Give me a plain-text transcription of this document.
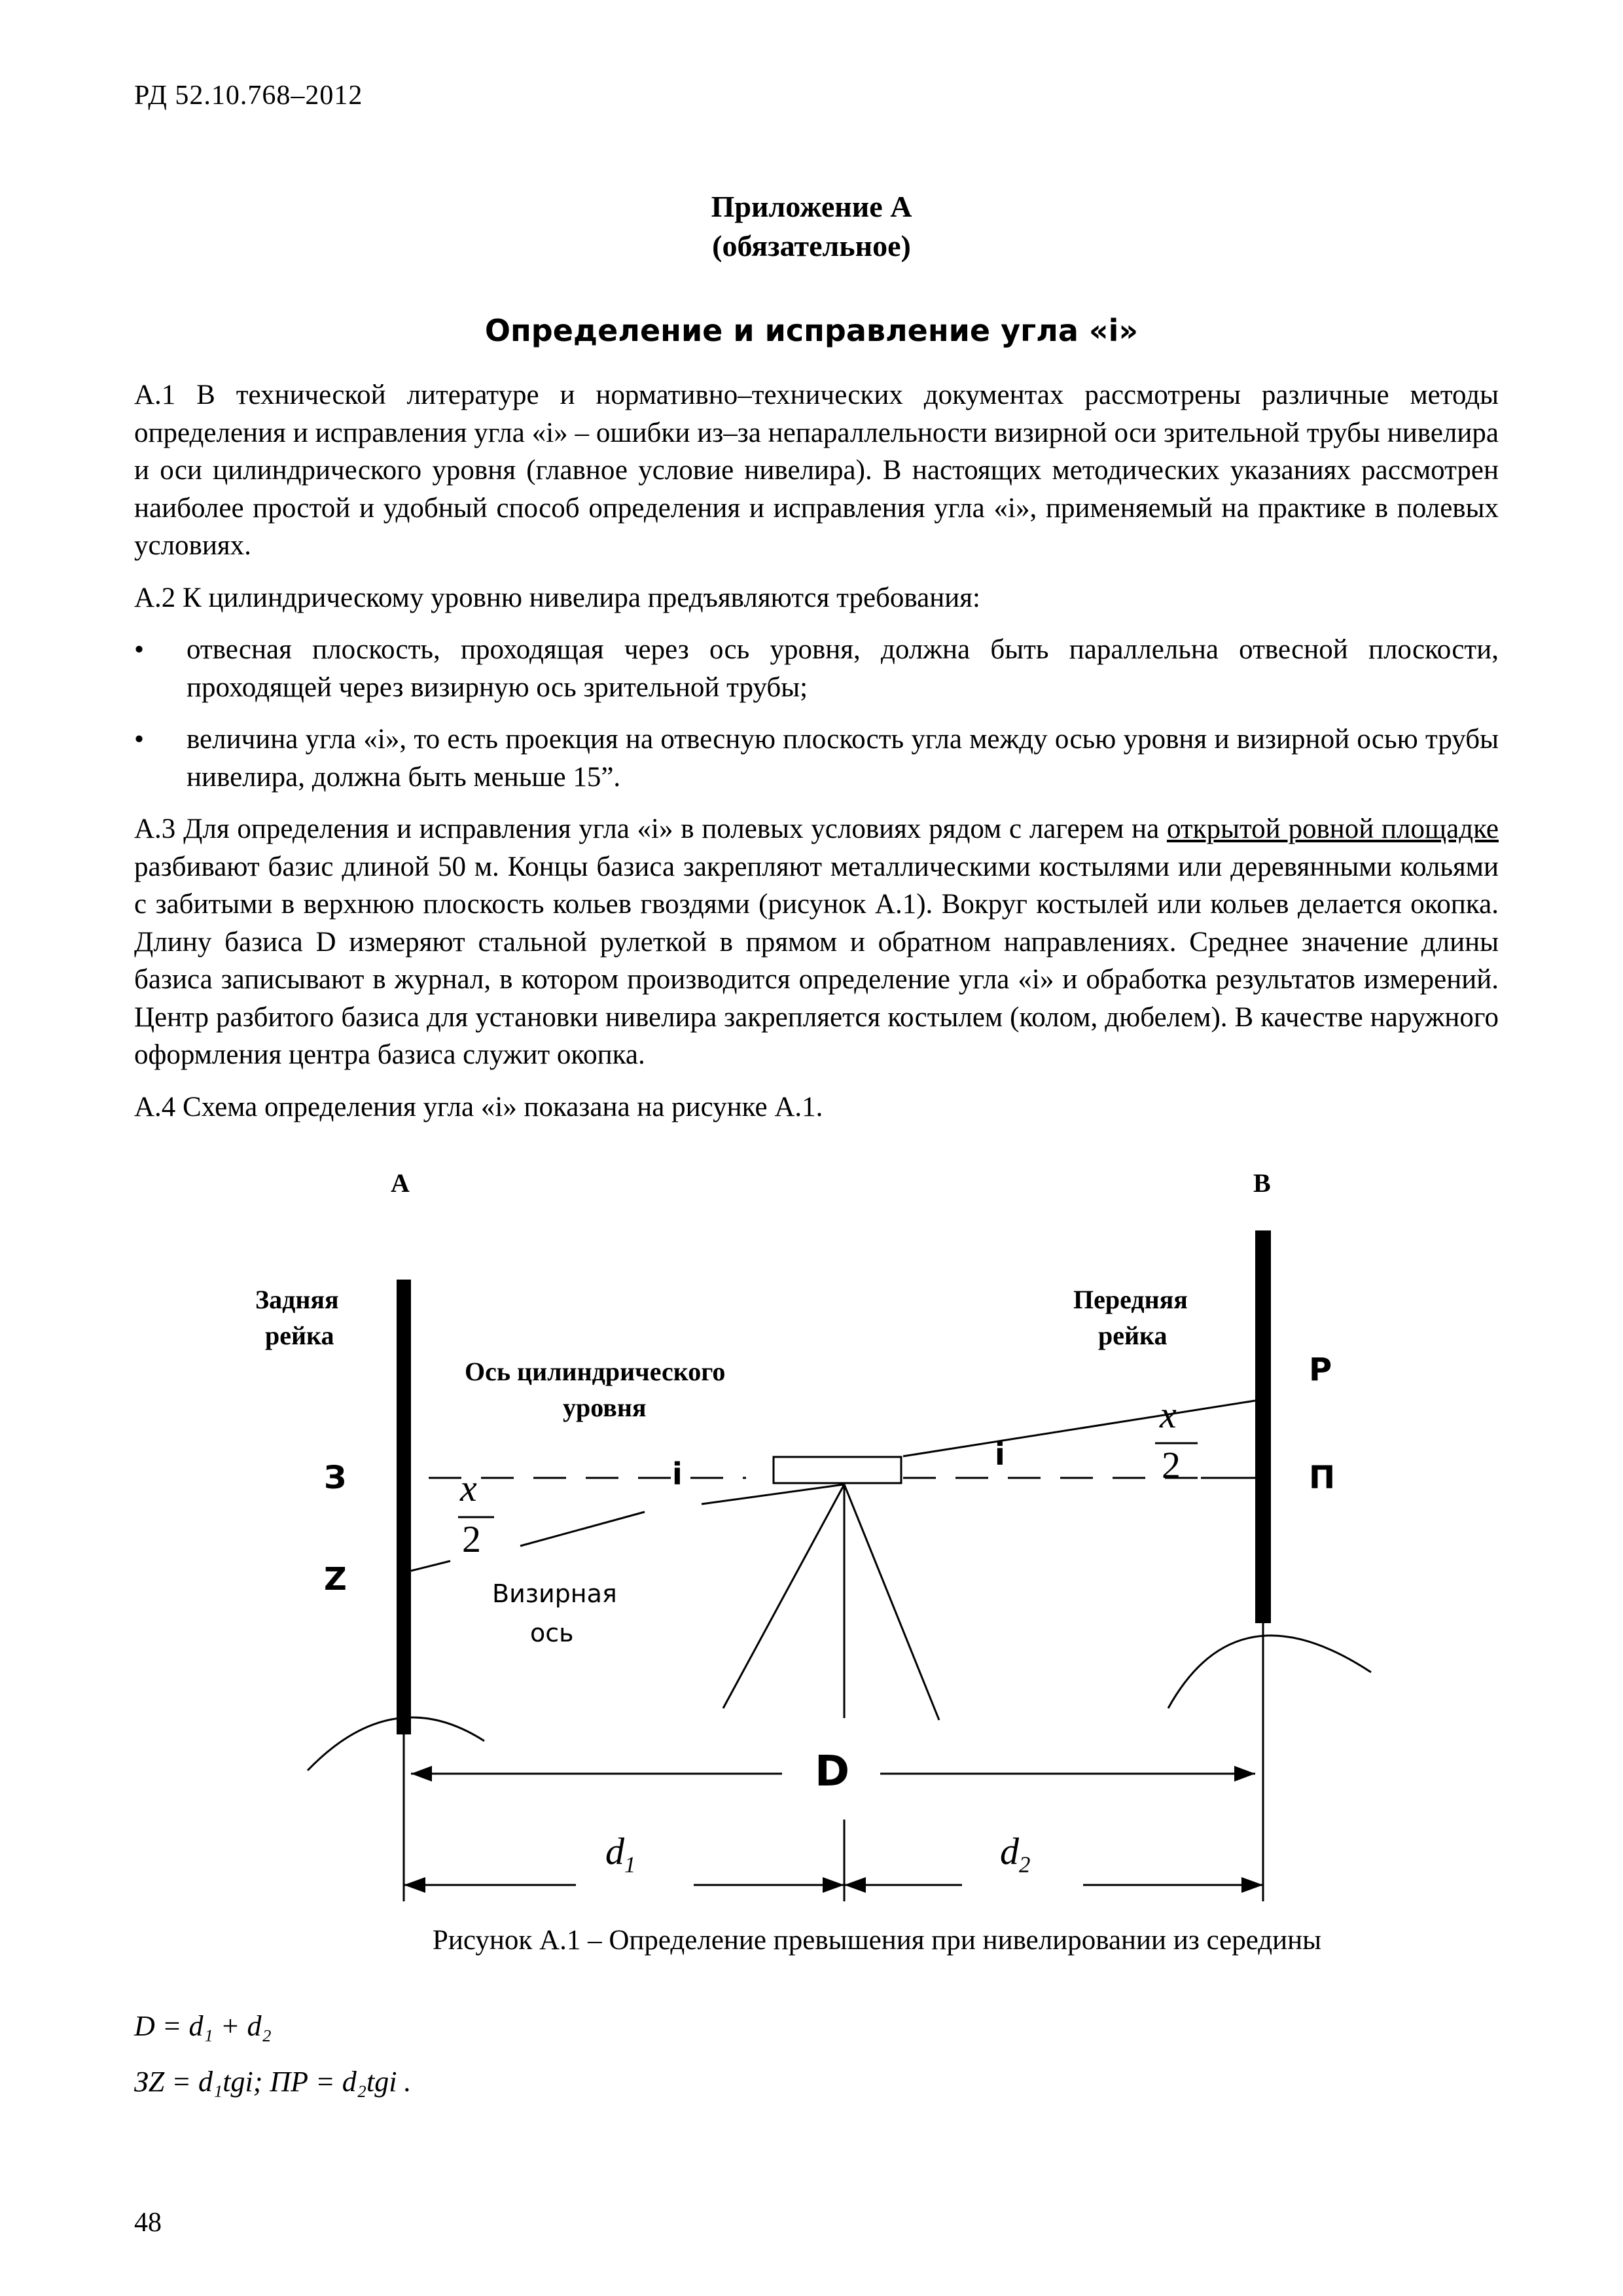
РД 52.10.768–2012
Приложение А
(обязательное)
Определение и исправление угла «i»

А.1 В технической литературе и нормативно–технических документах рассмотрены различные методы определения и исправления угла «i» – ошибки из–за непараллельности визирной оси зрительной трубы нивелира и оси цилиндрического уровня (главное условие нивелира). В настоящих методических указаниях рассмотрен наиболее простой и удобный способ определения и исправления угла «i», применяемый на практике в полевых условиях.

А.2 К цилиндрическому уровню нивелира предъявляются требования:

• отвесная плоскость, проходящая через ось уровня, должна быть параллельна отвесной плоскости, проходящей через визирную ось зрительной трубы;
• величина угла «i», то есть проекция на отвесную плоскость угла между осью уровня и визирной осью трубы нивелира, должна быть меньше 15”.

А.3 Для определения и исправления угла «i» в полевых условиях рядом с лагерем на открытой ровной площадке разбивают базис длиной 50 м. Концы базиса закрепляют металлическими костылями или деревянными кольями с забитыми в верхнюю плоскость кольев гвоздями (рисунок А.1). Вокруг костылей или кольев делается окопка. Длину базиса D измеряют стальной рулеткой в прямом и обратном направлениях. Среднее значение длины базиса записывают в журнал, в котором производится определение угла «i» и обработка результатов измерений. Центр разбитого базиса для установки нивелира закрепляется костылем (колом, дюбелем). В качестве наружного оформления центра базиса служит окопка.

А.4 Схема определения угла «i» показана на рисунке А.1.

А	В
Задняя
рейка
Передняя
рейка
Ось цилиндрического
уровня
Визирная
ось
З
Z
P
П
i
i
x
2
x
2
D
$d_1$	$d_2$
Рисунок А.1 – Определение превышения при нивелировании из середины
D = d₁ + d₂
ЗZ = d₁tgi; ПР = d₂tgi .
48
